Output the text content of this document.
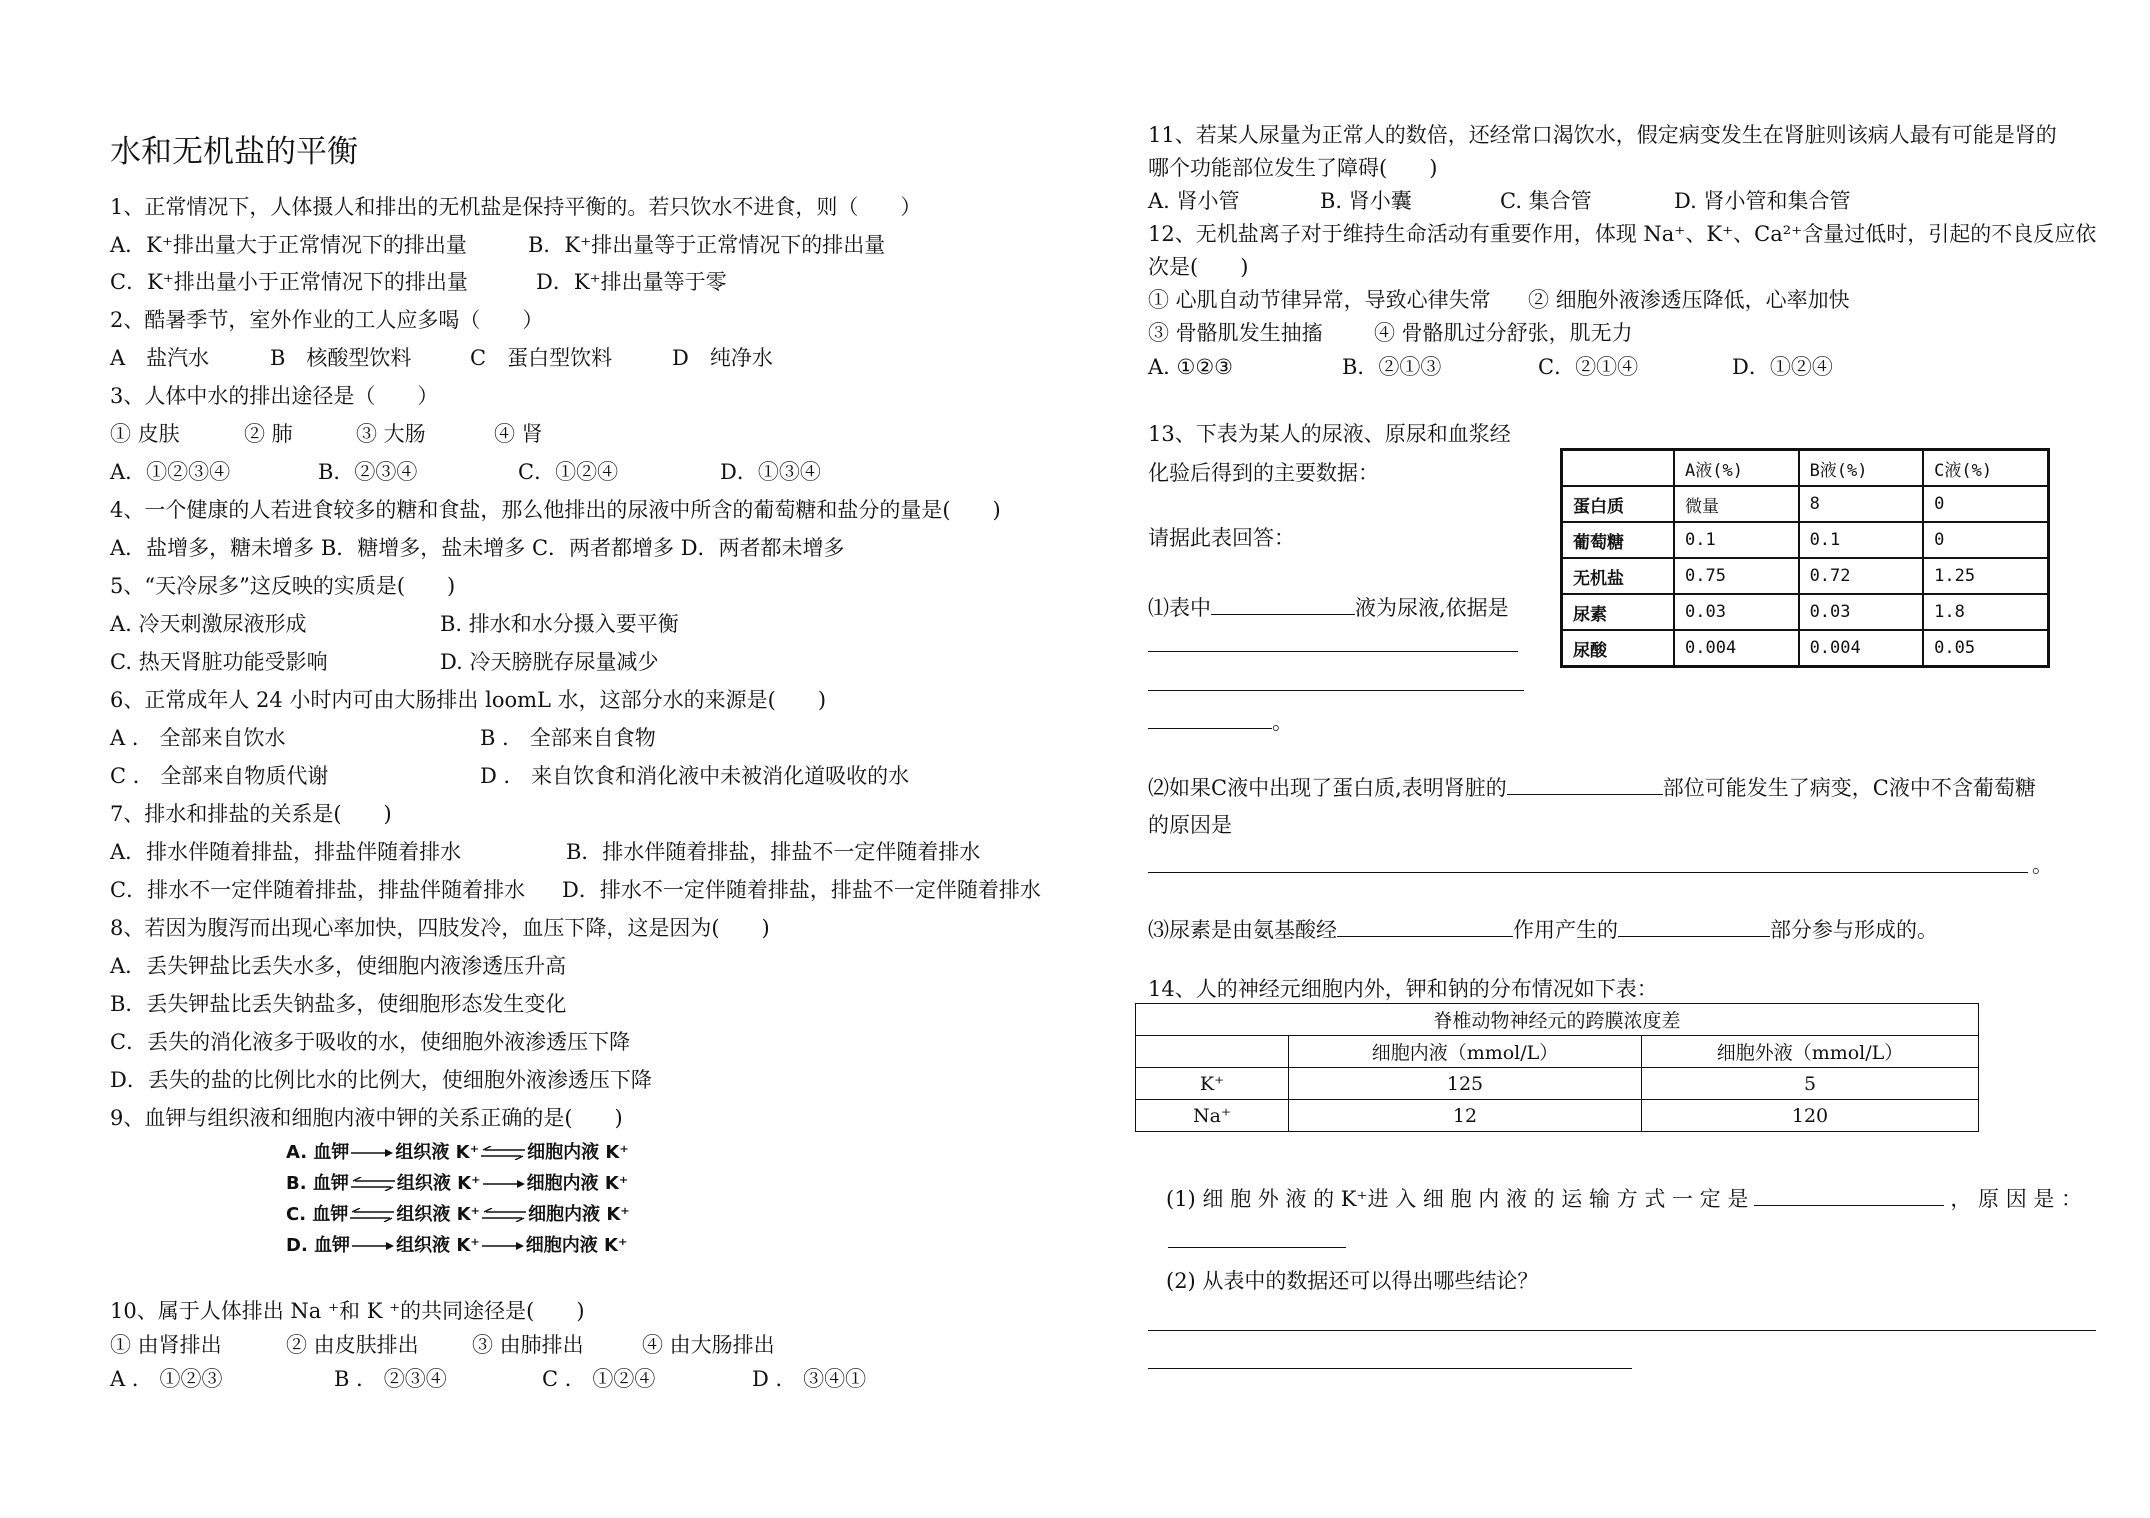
水和无机盐的平衡
1、正常情况下，人体摄人和排出的无机盐是保持平衡的。若只饮水不进食，则（　　）
A．K⁺排出量大于正常情况下的排出量	B．K⁺排出量等于正常情况下的排出量
C．K⁺排出量小于正常情况下的排出量	D．K⁺排出量等于零
2、酷暑季节，室外作业的工人应多喝（　　）
A　盐汽水	B　核酸型饮料	C　蛋白型饮料	D　纯净水
3、人体中水的排出途径是（　　）
① 皮肤	② 肺	③ 大肠	④ 肾
A．①②③④	B．②③④	C．①②④	D．①③④
4、一个健康的人若进食较多的糖和食盐，那么他排出的尿液中所含的葡萄糖和盐分的量是(　　)
A．盐增多，糖未增多 B．糖增多，盐未增多 C．两者都增多 D．两者都未增多
5、“天冷尿多”这反映的实质是(　　)
A. 冷天刺激尿液形成	B. 排水和水分摄入要平衡
C. 热天肾脏功能受影响	D. 冷天膀胱存尿量减少
6、正常成年人 24 小时内可由大肠排出 loomL 水，这部分水的来源是(　　)
A ． 全部来自饮水	B ． 全部来自食物
C ． 全部来自物质代谢	D ． 来自饮食和消化液中未被消化道吸收的水
7、排水和排盐的关系是(　　)
A．排水伴随着排盐，排盐伴随着排水	B．排水伴随着排盐，排盐不一定伴随着排水
C．排水不一定伴随着排盐，排盐伴随着排水 D．排水不一定伴随着排盐，排盐不一定伴随着排水
8、若因为腹泻而出现心率加快，四肢发冷，血压下降，这是因为(　　)
A．丢失钾盐比丢失水多，使细胞内液渗透压升高
B．丢失钾盐比丢失钠盐多，使细胞形态发生变化
C．丢失的消化液多于吸收的水，使细胞外液渗透压下降
D．丢失的盐的比例比水的比例大，使细胞外液渗透压下降
9、血钾与组织液和细胞内液中钾的关系正确的是(　　)
A. 血钾	组织液 K⁺	细胞内液 K⁺
B. 血钾	组织液 K⁺	细胞内液 K⁺
C. 血钾	组织液 K⁺	细胞内液 K⁺
D. 血钾	组织液 K⁺	细胞内液 K⁺
10、属于人体排出 Na ⁺和 K ⁺的共同途径是(　　)
① 由肾排出	② 由皮肤排出	③ 由肺排出	④ 由大肠排出
A ． ①②③	B ． ②③④	C ． ①②④	D ． ③④①
11、若某人尿量为正常人的数倍，还经常口渴饮水，假定病变发生在肾脏则该病人最有可能是肾的
哪个功能部位发生了障碍(　　)
A. 肾小管	B. 肾小囊	C. 集合管	D. 肾小管和集合管
12、无机盐离子对于维持生命活动有重要作用，体现 Na⁺、K⁺、Ca²⁺含量过低时，引起的不良反应依
次是(　　)
① 心肌自动节律异常，导致心律失常 ② 细胞外液渗透压降低，心率加快
③ 骨骼肌发生抽搐 ④ 骨骼肌过分舒张，肌无力
A. ①②③	B．②①③	C．②①④	D．①②④
13、下表为某人的尿液、原尿和血浆经
化验后得到的主要数据：
请据此表回答：
⑴表中	液为尿液,依据是
。
	A液(%)	B液(%)	C液(%)
蛋白质	微量	8	0
葡萄糖	0.1	0.1	0
无机盐	0.75	0.72	1.25
尿素	0.03	0.03	1.8
尿酸	0.004	0.004	0.05
⑵如果C液中出现了蛋白质,表明肾脏的	部位可能发生了病变，C液中不含葡萄糖
的原因是
。
⑶尿素是由氨基酸经	作用产生的	部分参与形成的。
14、人的神经元细胞内外，钾和钠的分布情况如下表：
脊椎动物神经元的跨膜浓度差		
	细胞内液（mmol/L）	细胞外液（mmol/L）
K⁺	125	5
Na⁺	12	120
(1) 细 胞 外 液 的 K⁺进 入 细 胞 内 液 的 运 输 方 式 一 定 是	， 原 因 是 ：
(2) 从表中的数据还可以得出哪些结论？
